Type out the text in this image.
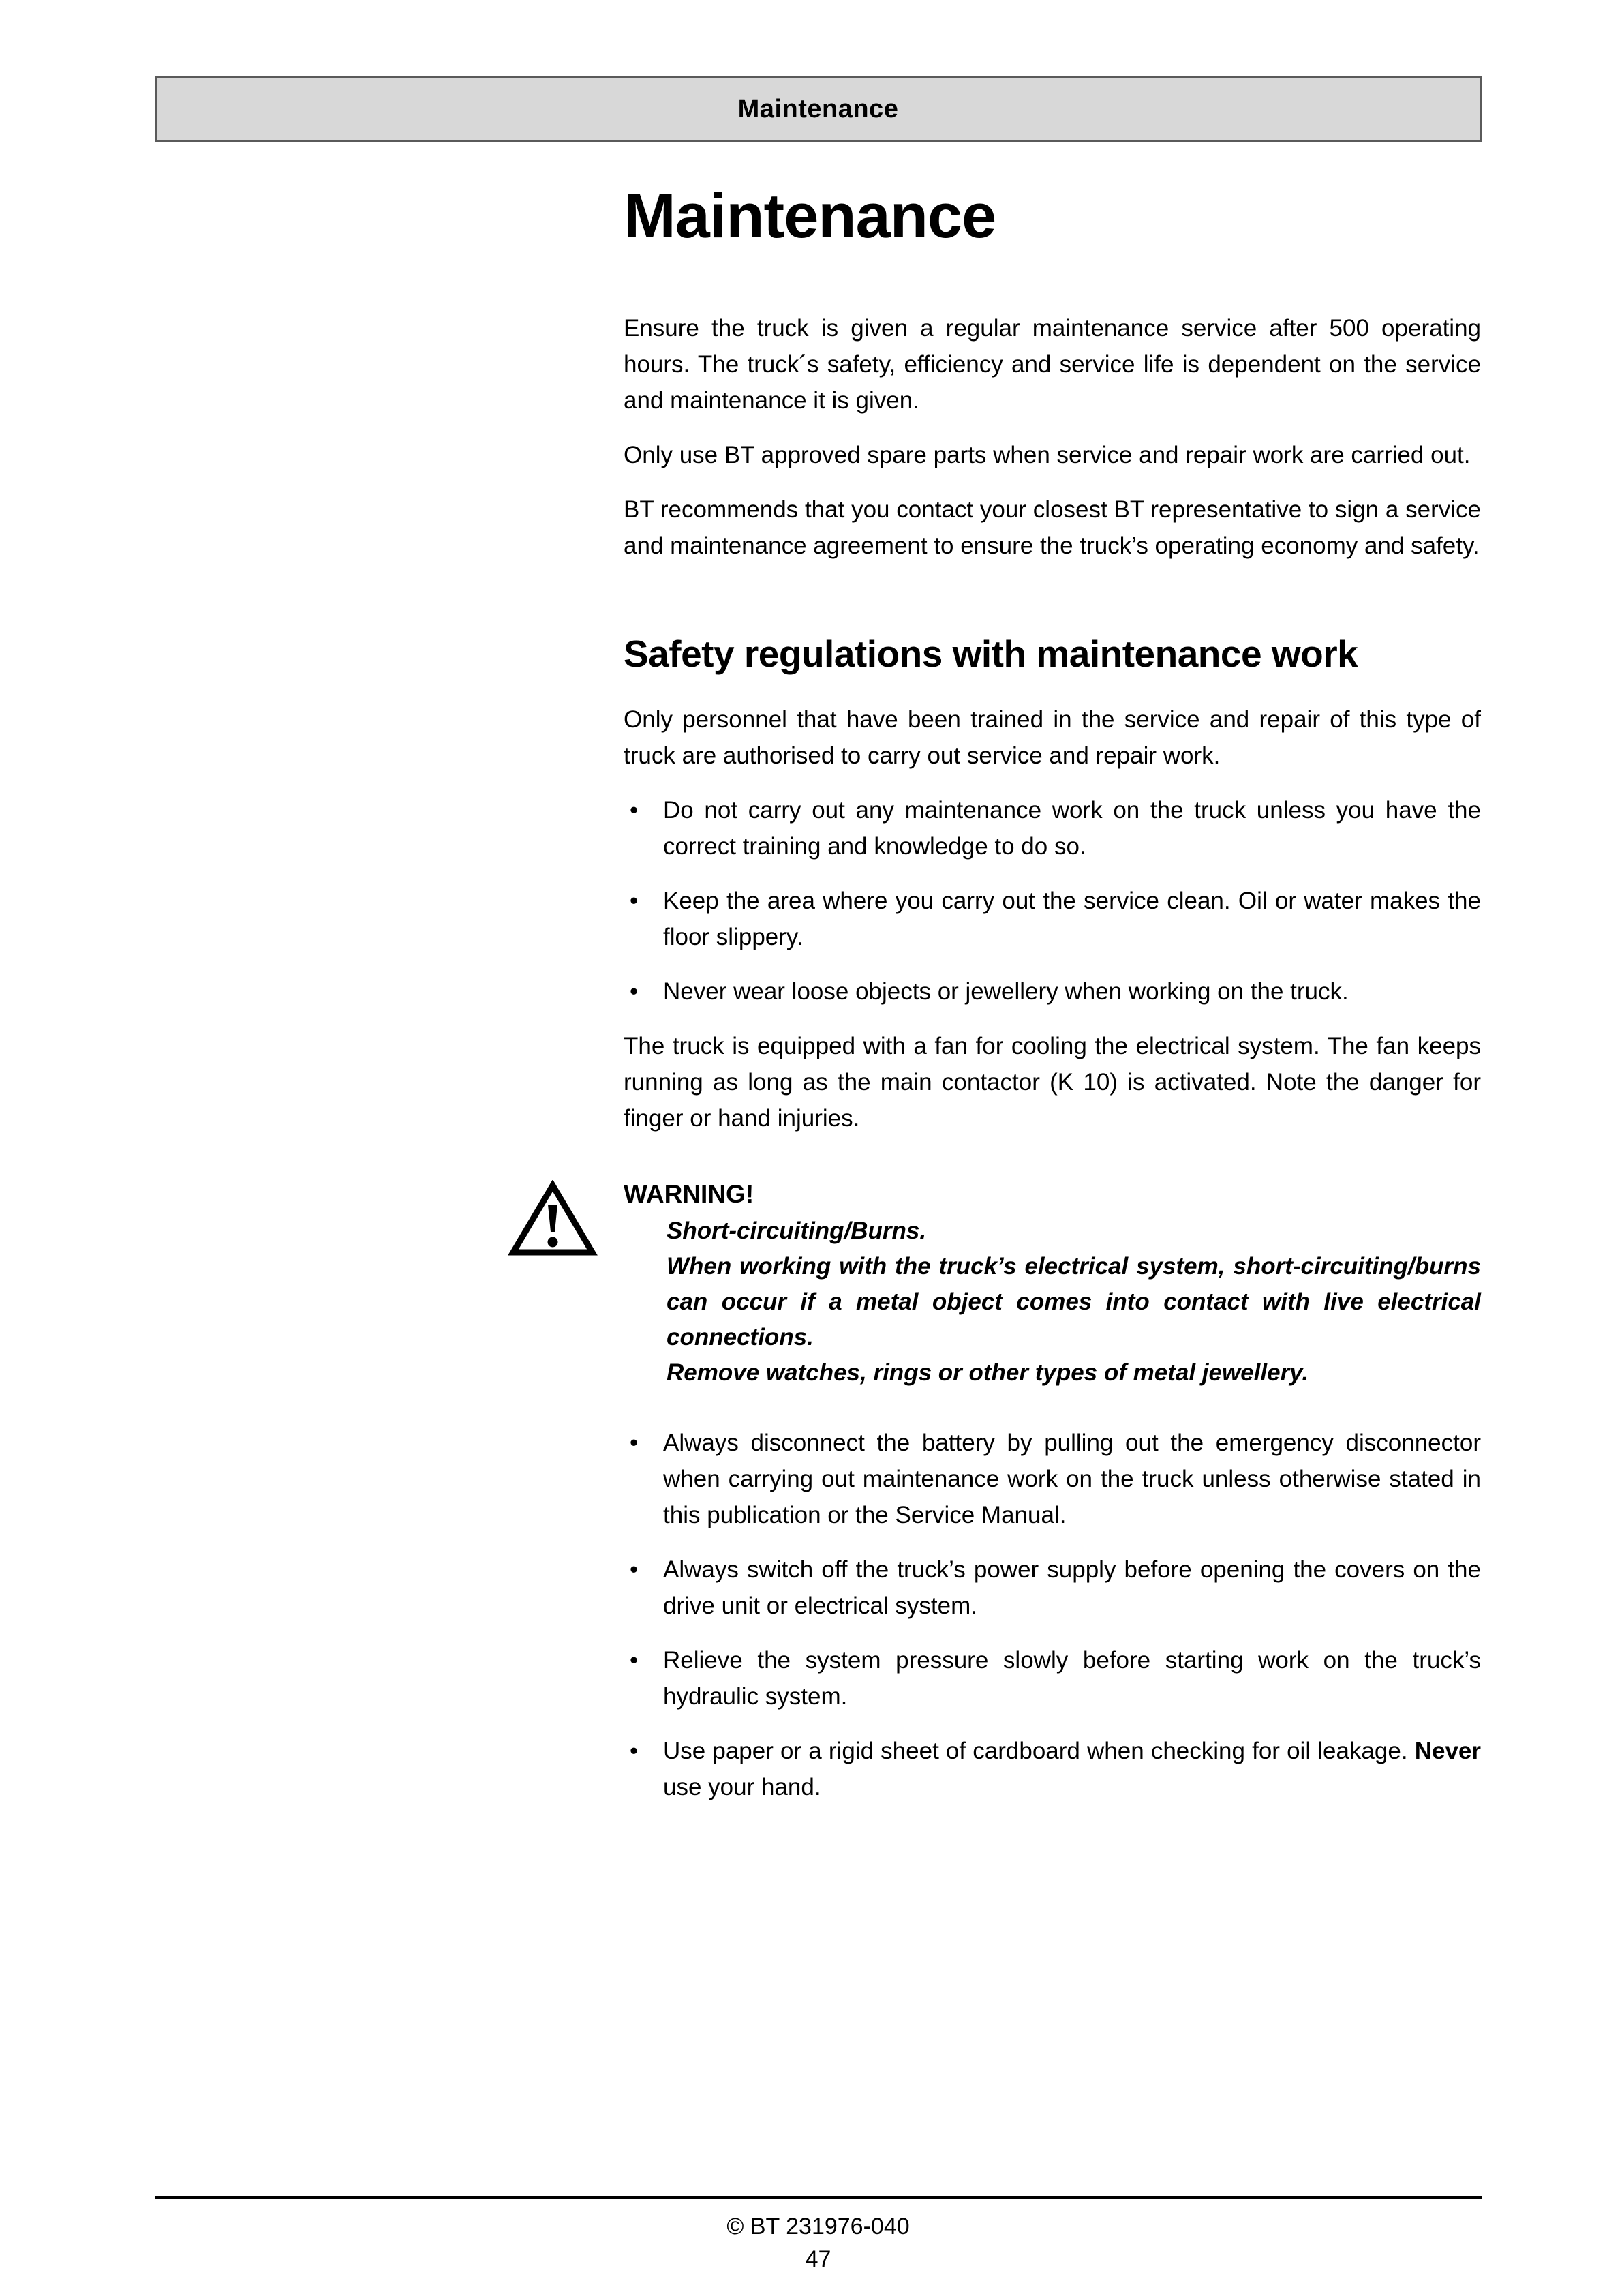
Maintenance
Maintenance

Ensure the truck is given a regular maintenance service after 500 operating hours. The truck´s safety, efficiency and service life is dependent on the service and maintenance it is given.

Only use BT approved spare parts when service and repair work are carried out.

BT recommends that you contact your closest BT representative to sign a service and maintenance agreement to ensure the truck’s operating economy and safety.

Safety regulations with maintenance work

Only personnel that have been trained in the service and repair of this type of truck are authorised to carry out service and repair work.

• Do not carry out any maintenance work on the truck unless you have the correct training and knowledge to do so.
• Keep the area where you carry out the service clean. Oil or water makes the floor slippery.
• Never wear loose objects or jewellery when working on the truck.

The truck is equipped with a fan for cooling the electrical system. The fan keeps running as long as the main contactor (K 10) is activated. Note the danger for finger or hand injuries.

WARNING!

Short-circuiting/Burns.

When working with the truck’s electrical system, short-circuiting/burns can occur if a metal object comes into contact with live electrical connections.

Remove watches, rings or other types of metal jewellery.

• Always disconnect the battery by pulling out the emergency disconnector when carrying out maintenance work on the truck unless otherwise stated in this publication or the Service Manual.
• Always switch off the truck’s power supply before opening the covers on the drive unit or electrical system.
• Relieve the system pressure slowly before starting work on the truck’s hydraulic system.
• Use paper or a rigid sheet of cardboard when checking for oil leakage. Never use your hand.
© BT 231976-040
47
